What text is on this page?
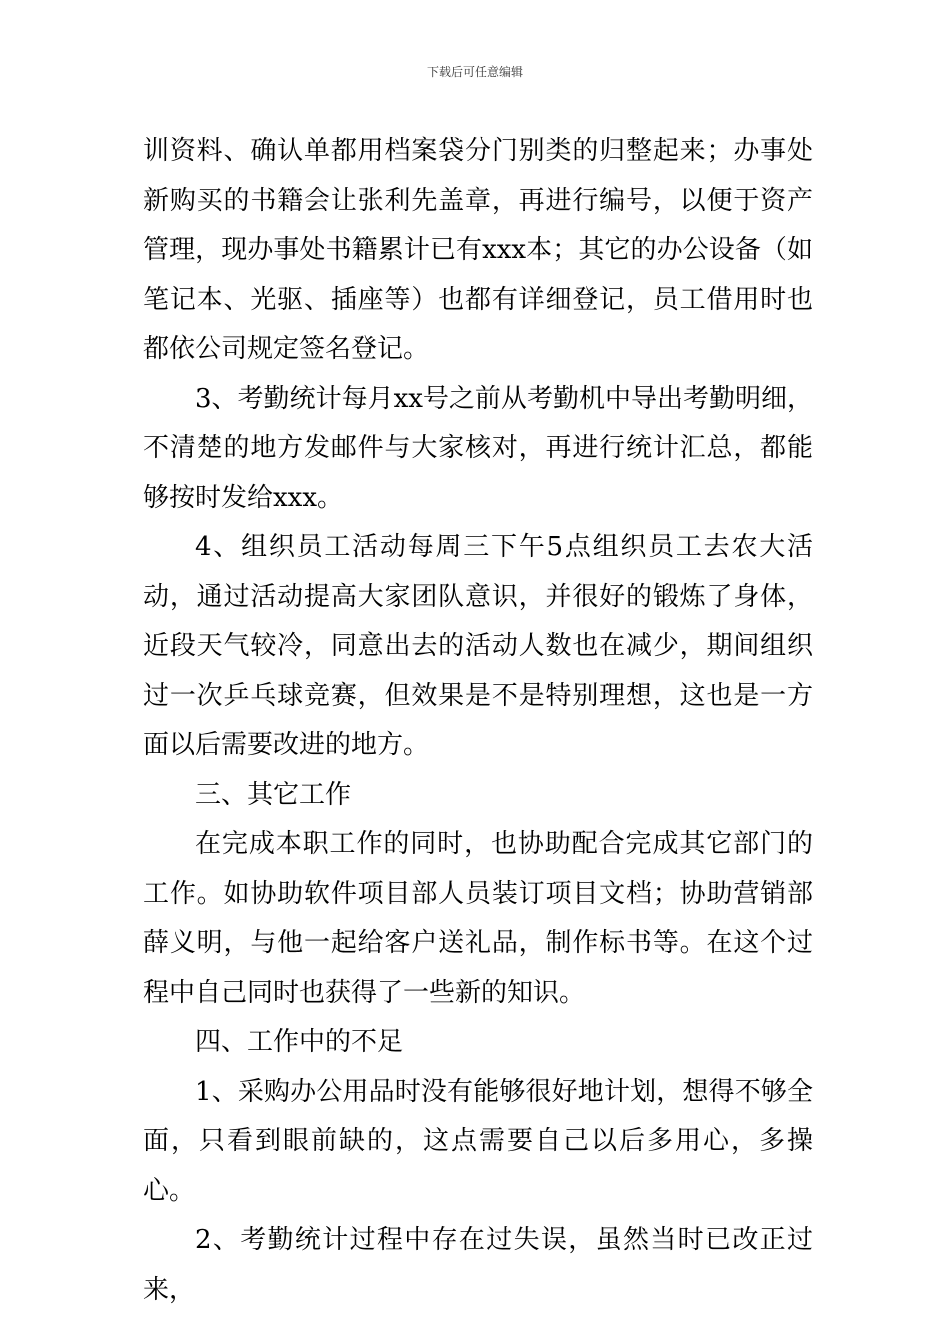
下载后可任意编辑

训资料、确认单都用档案袋分门别类的归整起来；办事处新购买的书籍会让张利先盖章，再进行编号，以便于资产管理，现办事处书籍累计已有xxx本；其它的办公设备（如笔记本、光驱、插座等）也都有详细登记，员工借用时也都依公司规定签名登记。

3、考勤统计每月xx号之前从考勤机中导出考勤明细，不清楚的地方发邮件与大家核对，再进行统计汇总，都能够按时发给xxx。

4、组织员工活动每周三下午5点组织员工去农大活动，通过活动提高大家团队意识，并很好的锻炼了身体，近段天气较冷，同意出去的活动人数也在减少，期间组织过一次乒乓球竞赛，但效果是不是特别理想，这也是一方面以后需要改进的地方。

三、其它工作

在完成本职工作的同时，也协助配合完成其它部门的工作。如协助软件项目部人员装订项目文档；协助营销部薛义明，与他一起给客户送礼品，制作标书等。在这个过程中自己同时也获得了一些新的知识。

四、工作中的不足

1、采购办公用品时没有能够很好地计划，想得不够全面，只看到眼前缺的，这点需要自己以后多用心，多操心。

2、考勤统计过程中存在过失误，虽然当时已改正过来，
